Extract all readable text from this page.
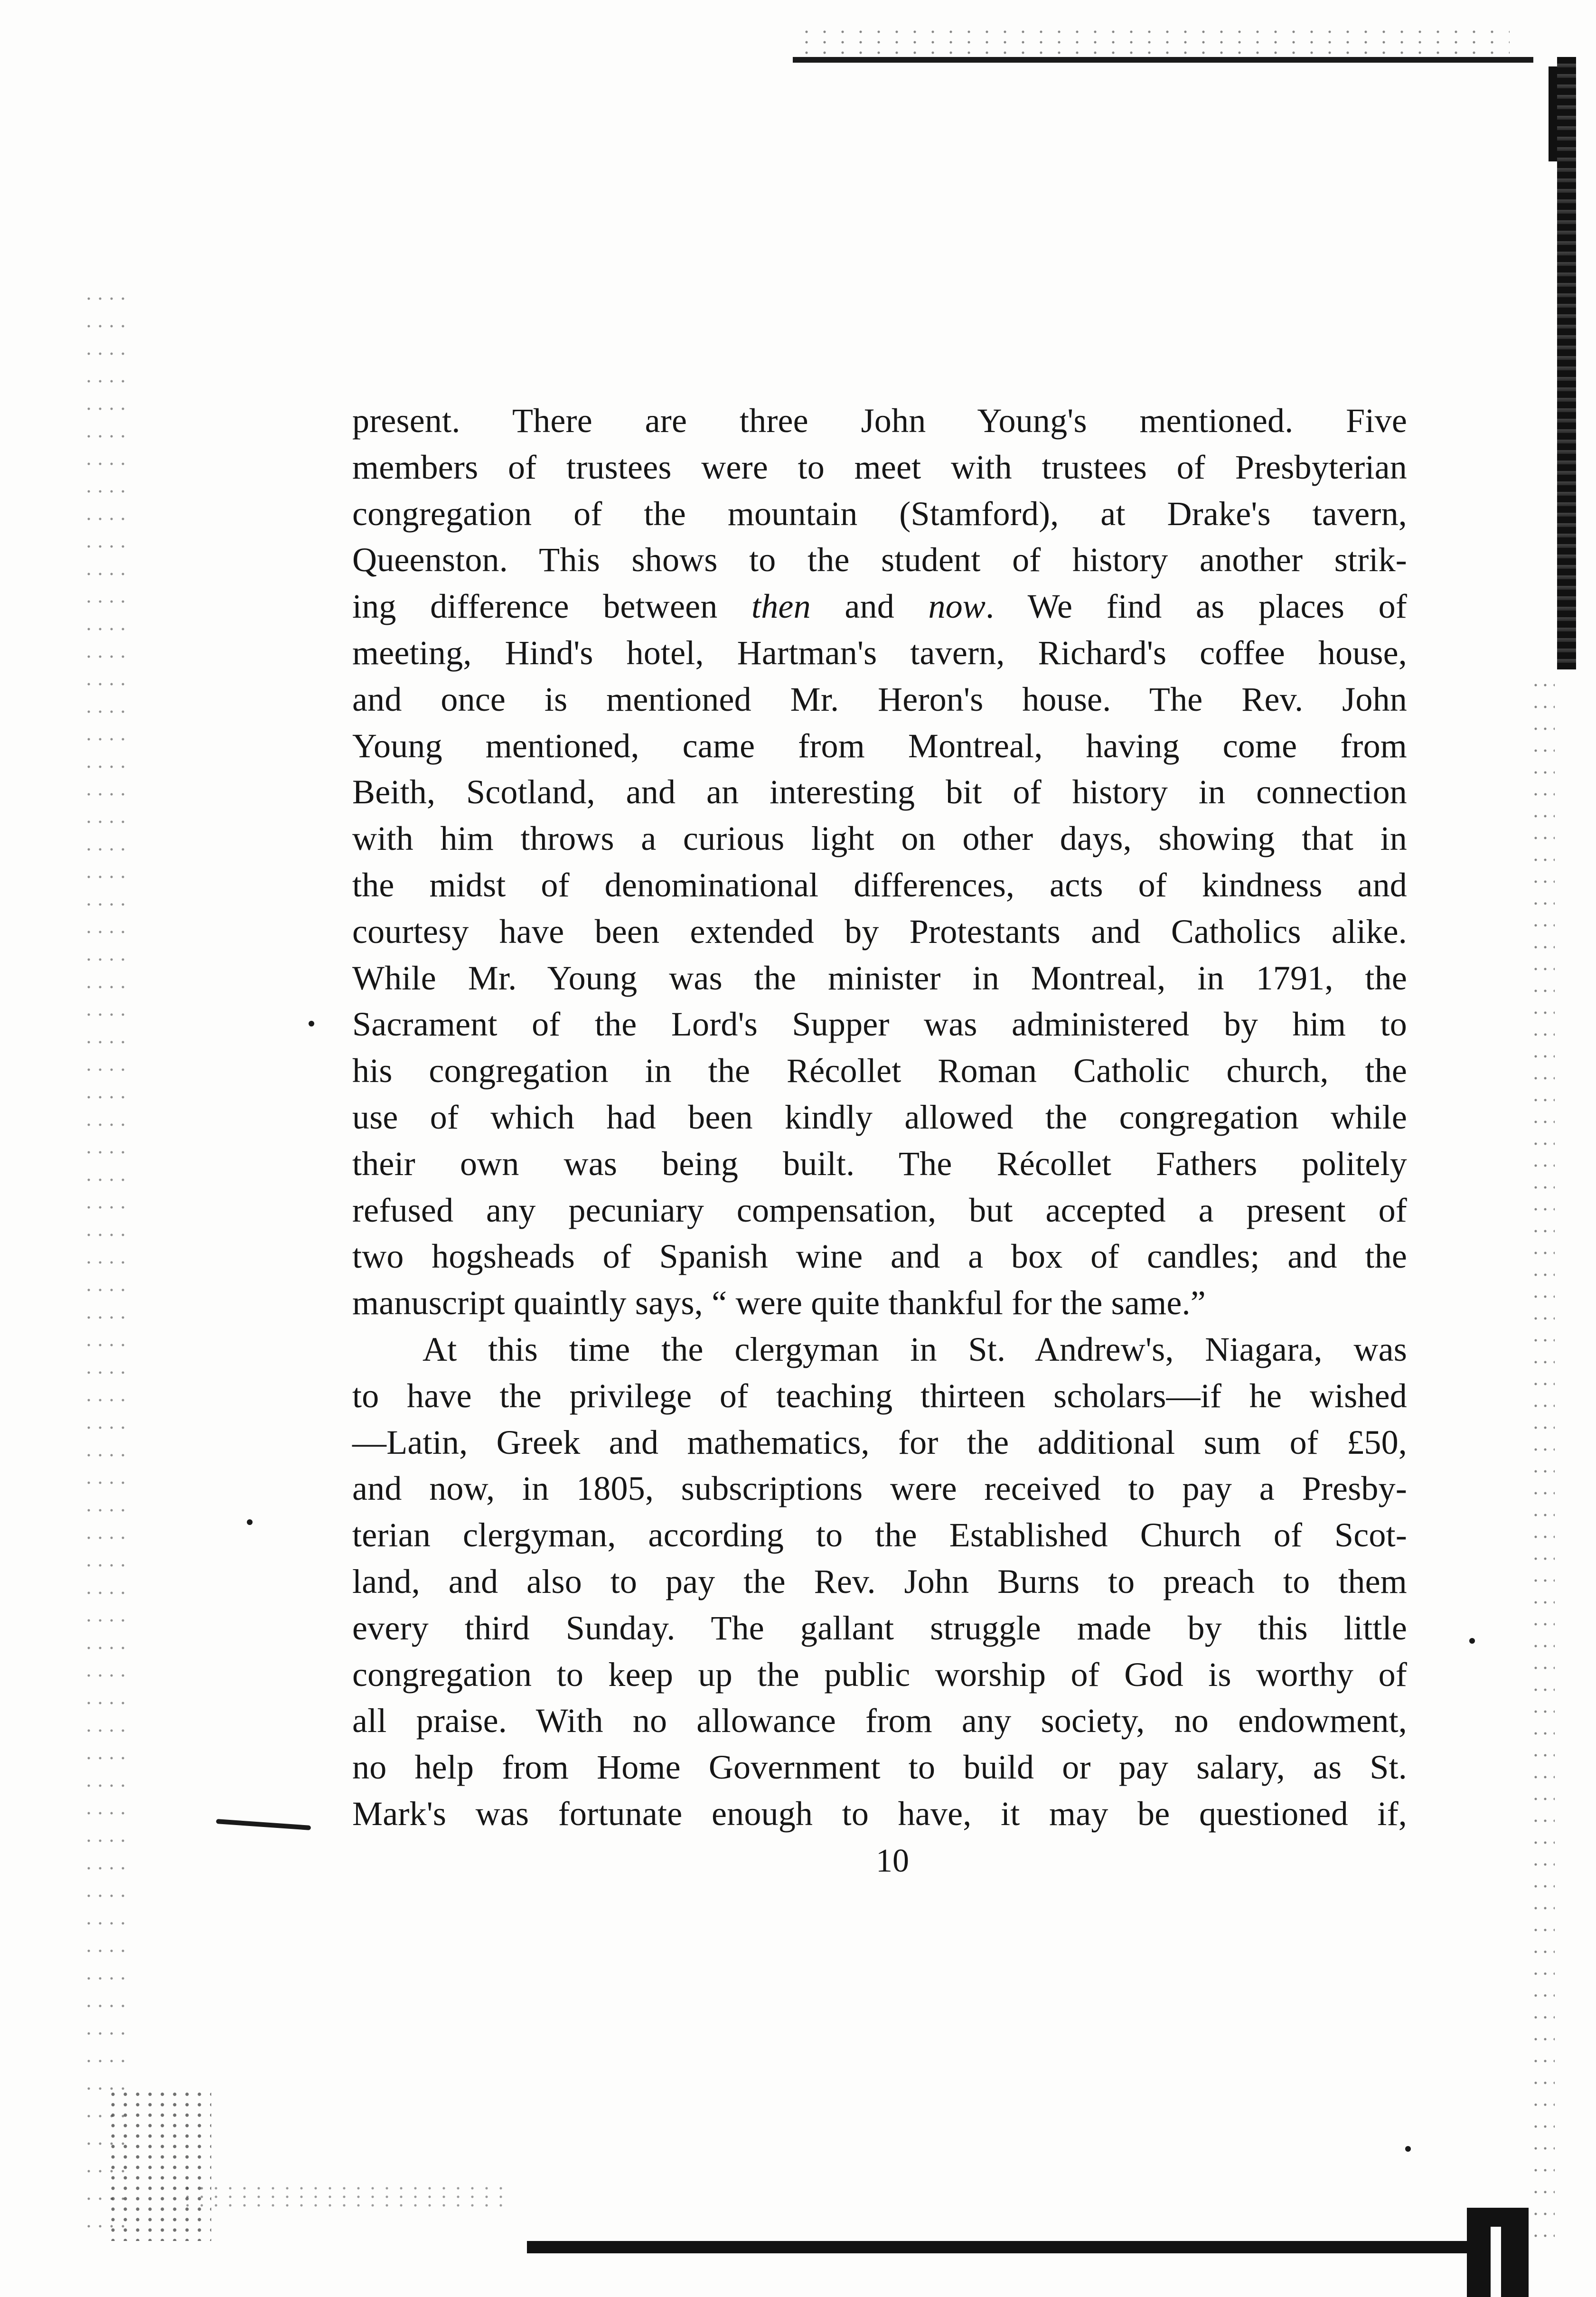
present. There are three John Young's mentioned. Five
members of trustees were to meet with trustees of Presbyterian
congregation of the mountain (Stamford), at Drake's tavern,
Queenston. This shows to the student of history another strik-
ing difference between then and now. We find as places of
meeting, Hind's hotel, Hartman's tavern, Richard's coffee house,
and once is mentioned Mr. Heron's house. The Rev. John
Young mentioned, came from Montreal, having come from
Beith, Scotland, and an interesting bit of history in connection
with him throws a curious light on other days, showing that in
the midst of denominational differences, acts of kindness and
courtesy have been extended by Protestants and Catholics alike.
While Mr. Young was the minister in Montreal, in 1791, the
Sacrament of the Lord's Supper was administered by him to
his congregation in the Récollet Roman Catholic church, the
use of which had been kindly allowed the congregation while
their own was being built. The Récollet Fathers politely
refused any pecuniary compensation, but accepted a present of
two hogsheads of Spanish wine and a box of candles; and the
manuscript quaintly says, “ were quite thankful for the same.”
At this time the clergyman in St. Andrew's, Niagara, was
to have the privilege of teaching thirteen scholars—if he wished
—Latin, Greek and mathematics, for the additional sum of £50,
and now, in 1805, subscriptions were received to pay a Presby-
terian clergyman, according to the Established Church of Scot-
land, and also to pay the Rev. John Burns to preach to them
every third Sunday. The gallant struggle made by this little
congregation to keep up the public worship of God is worthy of
all praise. With no allowance from any society, no endowment,
no help from Home Government to build or pay salary, as St.
Mark's was fortunate enough to have, it may be questioned if,
10
